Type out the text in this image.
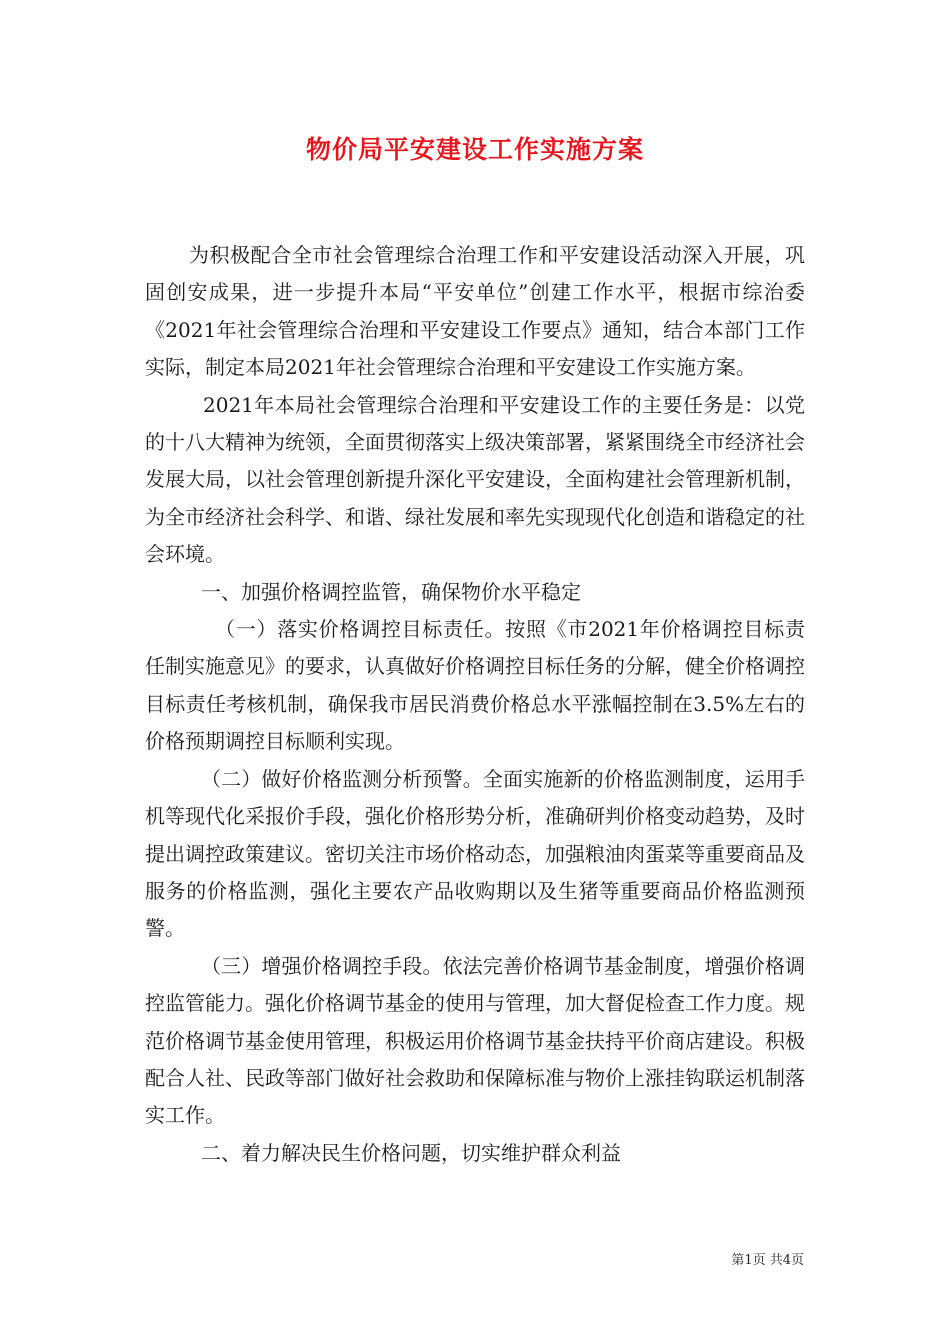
物价局平安建设工作实施方案

为积极配合全市社会管理综合治理工作和平安建设活动深入开展，巩固创安成果，进一步提升本局“平安单位”创建工作水平，根据市综治委《2021年社会管理综合治理和平安建设工作要点》通知，结合本部门工作实际，制定本局2021年社会管理综合治理和平安建设工作实施方案。

2021年本局社会管理综合治理和平安建设工作的主要任务是：以党的十八大精神为统领，全面贯彻落实上级决策部署，紧紧围绕全市经济社会发展大局，以社会管理创新提升深化平安建设，全面构建社会管理新机制，为全市经济社会科学、和谐、绿社发展和率先实现现代化创造和谐稳定的社会环境。

一、加强价格调控监管，确保物价水平稳定

（一）落实价格调控目标责任。按照《市2021年价格调控目标责任制实施意见》的要求，认真做好价格调控目标任务的分解，健全价格调控目标责任考核机制，确保我市居民消费价格总水平涨幅控制在3.5%左右的价格预期调控目标顺利实现。

（二）做好价格监测分析预警。全面实施新的价格监测制度，运用手机等现代化采报价手段，强化价格形势分析，准确研判价格变动趋势，及时提出调控政策建议。密切关注市场价格动态，加强粮油肉蛋菜等重要商品及服务的价格监测，强化主要农产品收购期以及生猪等重要商品价格监测预警。

（三）增强价格调控手段。依法完善价格调节基金制度，增强价格调控监管能力。强化价格调节基金的使用与管理，加大督促检查工作力度。规范价格调节基金使用管理，积极运用价格调节基金扶持平价商店建设。积极配合人社、民政等部门做好社会救助和保障标准与物价上涨挂钩联运机制落实工作。

二、着力解决民生价格问题，切实维护群众利益

第1页 共4页
